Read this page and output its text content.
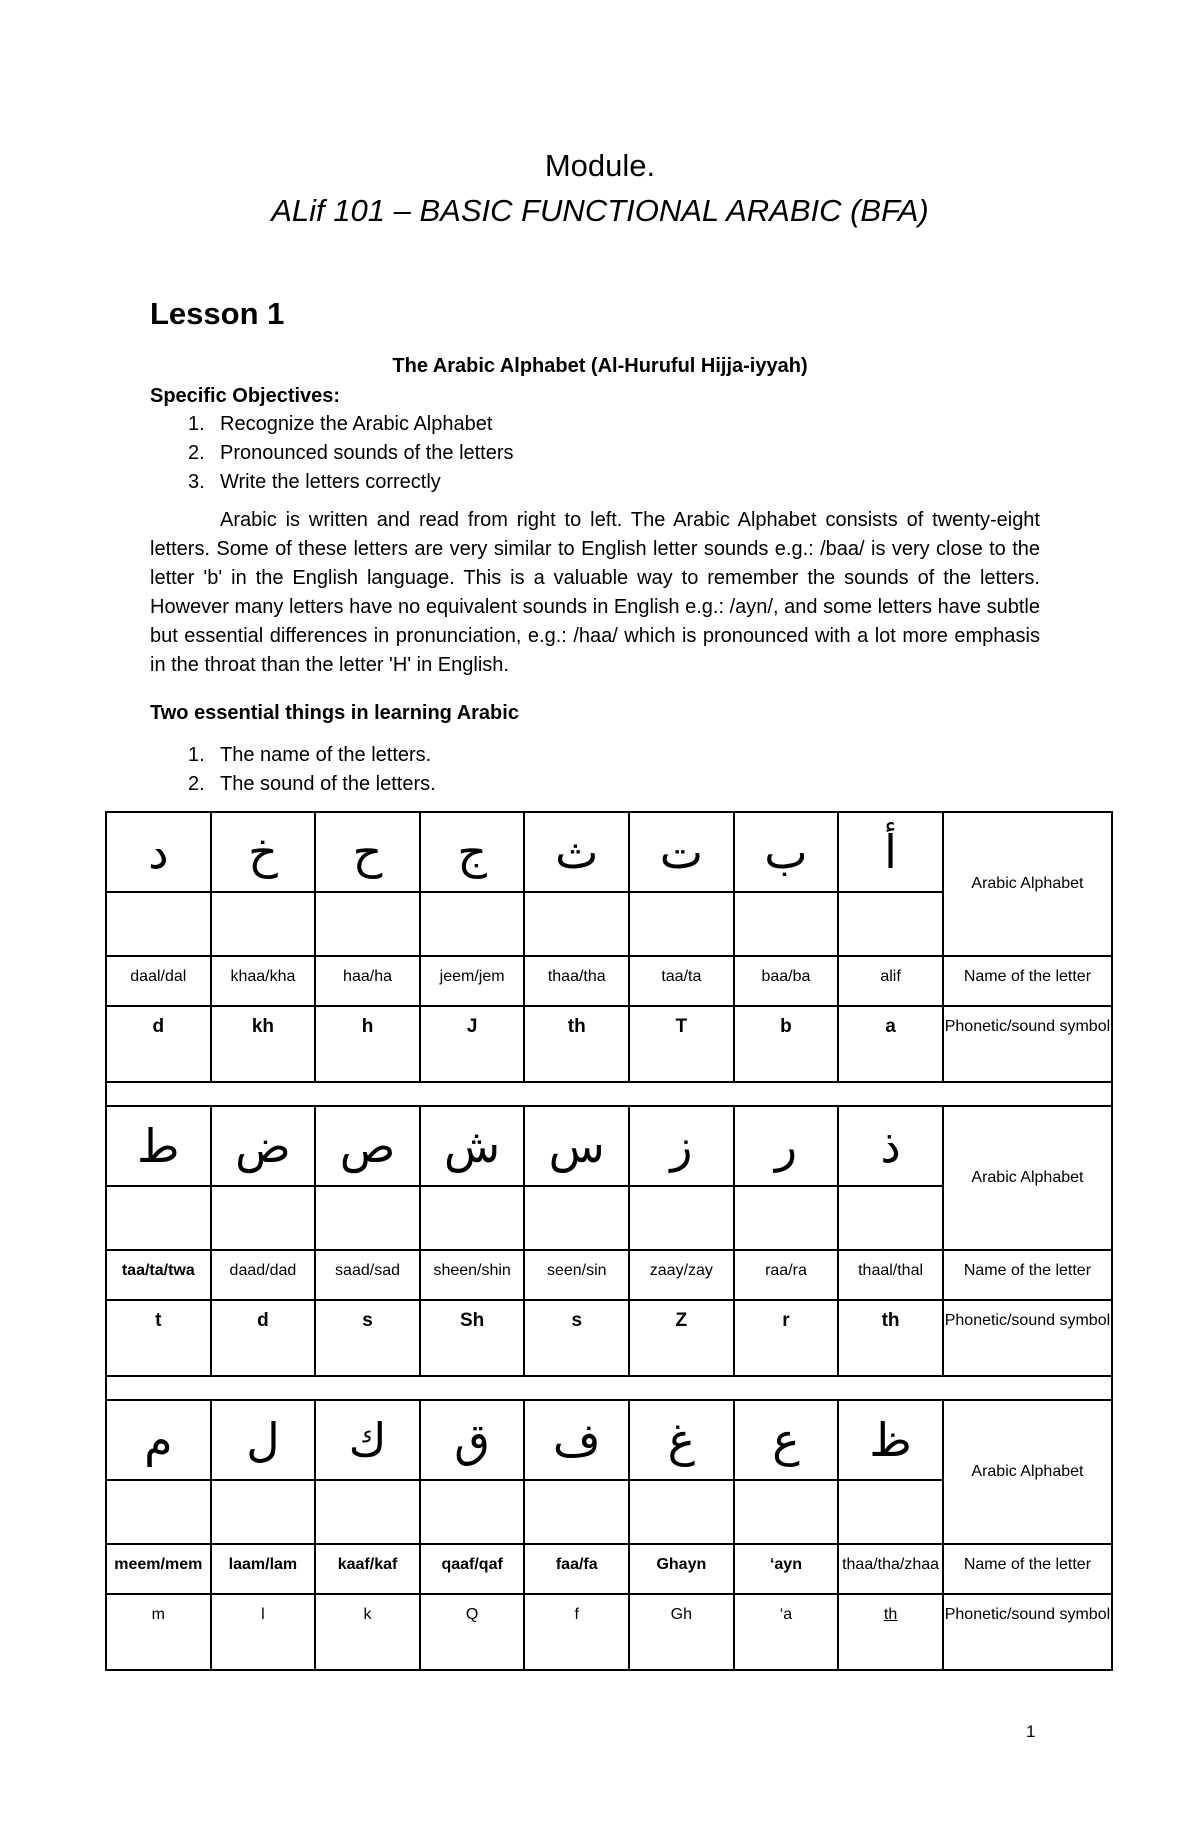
Module.
ALif 101 – BASIC FUNCTIONAL ARABIC (BFA)
Lesson 1
The Arabic Alphabet (Al-Huruful Hijja-iyyah)
Specific Objectives:
1. Recognize the Arabic Alphabet
2. Pronounced sounds of the letters
3. Write the letters correctly
Arabic is written and read from right to left. The Arabic Alphabet consists of twenty-eight letters. Some of these letters are very similar to English letter sounds e.g.: /baa/ is very close to the letter 'b' in the English language. This is a valuable way to remember the sounds of the letters. However many letters have no equivalent sounds in English e.g.: /ayn/, and some letters have subtle but essential differences in pronunciation, e.g.: /haa/ which is pronounced with a lot more emphasis in the throat than the letter 'H' in English.
Two essential things in learning Arabic
1. The name of the letters.
2. The sound of the letters.
د	خ	ح	ج	ث	ت	ب	أ	Arabic Alphabet

daal/dal	khaa/kha	haa/ha	jeem/jem	thaa/tha	taa/ta	baa/ba	alif	Name of the letter
d	kh	h	J	th	T	b	a	Phonetic/sound symbol

ط	ض	ص	ش	س	ز	ر	ذ	Arabic Alphabet

taa/ta/twa	daad/dad	saad/sad	sheen/shin	seen/sin	zaay/zay	raa/ra	thaal/thal	Name of the letter
t	d	s	Sh	s	Z	r	th	Phonetic/sound symbol

م	ل	ك	ق	ف	غ	ع	ظ	Arabic Alphabet

meem/mem	laam/lam	kaaf/kaf	qaaf/qaf	faa/fa	Ghayn	‘ayn	thaa/tha/zhaa	Name of the letter
m	l	k	Q	f	Gh	‘a	th	Phonetic/sound symbol
1
